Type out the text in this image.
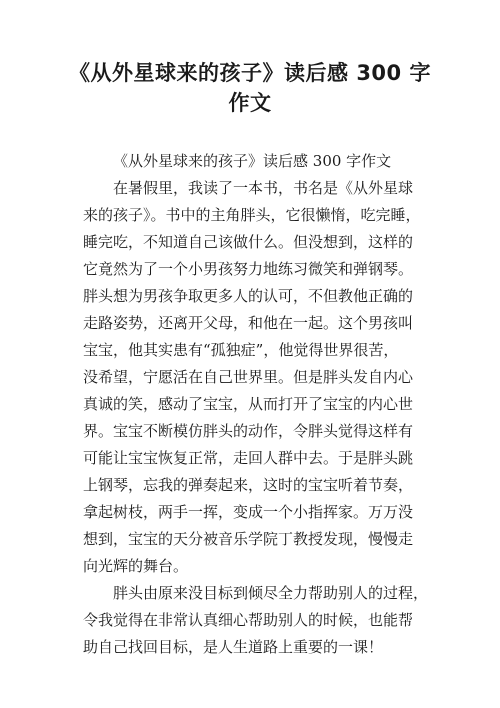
《从外星球来的孩子》读后感 300 字
作文
《从外星球来的孩子》读后感 300 字作文
在暑假里，我读了一本书，书名是《从外星球
来的孩子》。书中的主角胖头，它很懒惰，吃完睡，
睡完吃，不知道自己该做什么。但没想到，这样的
它竟然为了一个小男孩努力地练习微笑和弹钢琴。
胖头想为男孩争取更多人的认可，不但教他正确的
走路姿势，还离开父母，和他在一起。这个男孩叫
宝宝，他其实患有“孤独症”，他觉得世界很苦，
没希望，宁愿活在自己世界里。但是胖头发自内心
真诚的笑，感动了宝宝，从而打开了宝宝的内心世
界。宝宝不断模仿胖头的动作，令胖头觉得这样有
可能让宝宝恢复正常，走回人群中去。于是胖头跳
上钢琴，忘我的弹奏起来，这时的宝宝听着节奏，
拿起树枝，两手一挥，变成一个小指挥家。万万没
想到，宝宝的天分被音乐学院丁教授发现，慢慢走
向光辉的舞台。
胖头由原来没目标到倾尽全力帮助别人的过程，
令我觉得在非常认真细心帮助别人的时候，也能帮
助自己找回目标，是人生道路上重要的一课！
